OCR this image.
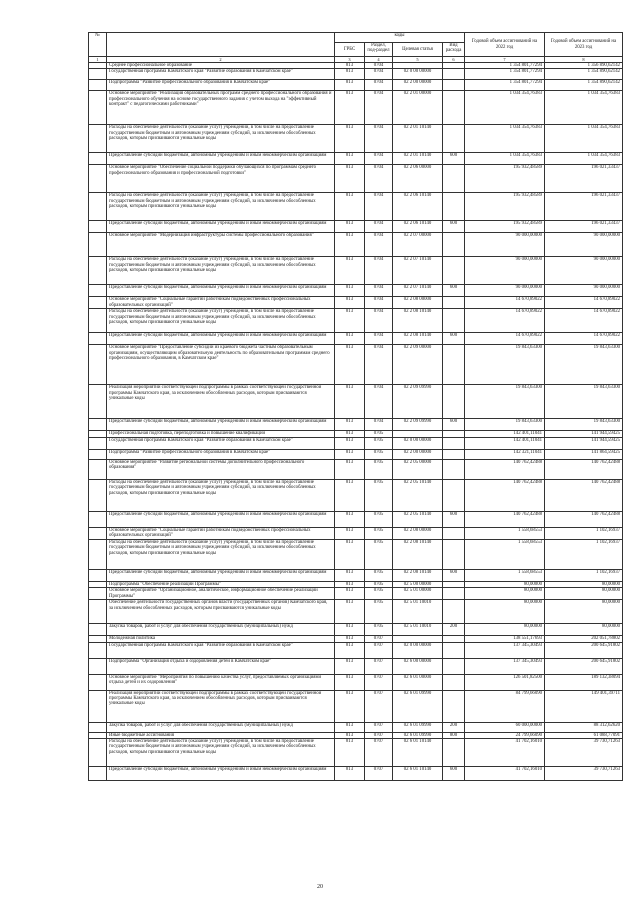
№		коды				Годовой объем ассигнований на 2022 год	Годовой объем ассигнований на 2023 год
		ГРБС	Раздел, под-раздел	Целевая статья	Вид расхода		
1	2	3	4	5	6	7	8
	Среднее профессиональное образование	813	0704			1 354 801,77294	1 356 890,62142
	Государственная программа Камчатского края "Развитие образования в Камчатском крае"	813	0704	02 0 00 00000		1 354 801,77294	1 354 890,62142
	Подпрограмма "Развитие профессионального образования в Камчатском крае"	813	0704	02 2 00 00000		1 354 801,77294	1 354 890,62142
	Основное мероприятие "Реализация образовательных программ среднего профессионального образования и профессионального обучения на основе государственного задания с учетом выхода на "эффективный контракт" с педагогическими работниками"	813	0704	02 2 01 00000		1 034 354,76383	1 034 354,76383
	Расходы на обеспечение деятельности (оказание услуг) учреждений, в том числе на предоставление государственным бюджетным и автономным учреждениям субсидий, за исключением обособленных расходов, которым присваиваются уникальные коды	813	0704	02 2 01 10140		1 034 354,76383	1 034 354,76383
	Предоставление субсидий бюджетным, автономным учреждениям и иным некоммерческим организациям	813	0704	02 2 01 10140	600	1 034 354,76383	1 034 354,76383
	Основное мероприятие "Обеспечение социальной поддержки обучающихся по программам среднего профессионального образования и профессиональной подготовки"	813	0704	02 2 06 00000		195 932,48589	196 021,33437
	Расходы на обеспечение деятельности (оказание услуг) учреждений, в том числе на предоставление государственным бюджетным и автономным учреждениям субсидий, за исключением обособленных расходов, которым присваиваются уникальные коды	813	0704	02 2 06 10140		195 932,48589	196 021,33437
	Предоставление субсидий бюджетным, автономным учреждениям и иным некоммерческим организациям	813	0704	02 2 06 10140	600	195 932,48589	196 021,33437
	Основное мероприятие "Модернизация инфраструктуры системы профессионального образования"	813	0704	02 2 07 00000		90 000,00000	90 000,00000
	Расходы на обеспечение деятельности (оказание услуг) учреждений, в том числе на предоставление государственным бюджетным и автономным учреждениям субсидий, за исключением обособленных расходов, которым присваиваются уникальные коды	813	0704	02 2 07 10140		90 000,00000	90 000,00000
	Предоставление субсидий бюджетным, автономным учреждениям и иным некоммерческим организациям	813	0704	02 2 07 10140	600	90 000,00000	90 000,00000
	Основное мероприятие "Социальные гарантии работникам подведомственных профессиональных образовательных организаций"	813	0704	02 2 08 00000		14 670,89022	14 670,89022
	Расходы на обеспечение деятельности (оказание услуг) учреждений, в том числе на предоставление государственным бюджетным и автономным учреждениям субсидий, за исключением обособленных расходов, которым присваиваются уникальные коды	813	0704	02 2 08 10140		14 670,89022	14 670,89022
	Предоставление субсидий бюджетным, автономным учреждениям и иным некоммерческим организациям	813	0704	02 2 08 10140	600	14 670,89022	14 670,89022
	Основное мероприятие "Предоставление субсидий из краевого бюджета частным образовательным организациям, осуществляющим образовательную деятельность по образовательным программам среднего профессионального образования, в Камчатском крае"	813	0704	02 2 09 00000		19 843,63300	19 843,63300
	Реализация мероприятий соответствующей подпрограммы в рамках соответствующей государственной программы Камчатского края, за исключением обособленных расходов, которым присваиваются уникальные коды	813	0704	02 2 09 09990		19 843,63300	19 843,63300
	Предоставление субсидий бюджетным, автономным учреждениям и иным некоммерческим организациям	813	0704	02 2 09 09990	600	19 843,63300	19 843,63300
	Профессиональная подготовка, переподготовка и повышение квалификации	813	0705			142 401,11041	141 944,59425
	Государственная программа Камчатского края "Развитие образования в Камчатском крае"	813	0705	02 0 00 00000		142 401,11041	141 944,59425
	Подпрограмма "Развитие профессионального образования в Камчатском крае"	813	0705	02 2 00 00000		142 321,11041	141 864,59425
	Основное мероприятие "Развитие региональной системы дополнительного профессионального образования"	813	0705	02 2 05 00000		140 762,42488	140 762,42488
	Расходы на обеспечение деятельности (оказание услуг) учреждений, в том числе на предоставление государственным бюджетным и автономным учреждениям субсидий, за исключением обособленных расходов, которым присваиваются уникальные коды	813	0705	02 2 05 10140		140 762,42488	140 762,42488
	Предоставление субсидий бюджетным, автономным учреждениям и иным некоммерческим организациям	813	0705	02 2 05 10140	600	140 762,42488	140 762,42488
	Основное мероприятие "Социальные гарантии работникам подведомственных профессиональных образовательных организаций"	813	0705	02 2 08 00000		1 558,68553	1 102,16937
	Расходы на обеспечение деятельности (оказание услуг) учреждений, в том числе на предоставление государственным бюджетным и автономным учреждениям субсидий, за исключением обособленных расходов, которым присваиваются уникальные коды	813	0705	02 2 08 10140		1 558,68553	1 102,16937
	Предоставление субсидий бюджетным, автономным учреждениям и иным некоммерческим организациям	813	0705	02 2 08 10140	600	1 558,68553	1 102,16937
	Подпрограмма "Обеспечение реализации Программы"	813	0705	02 5 00 00000		80,00000	80,00000
	Основное мероприятие "Организационное, аналитическое, информационное обеспечение реализации Программы"	813	0705	02 5 01 00000		80,00000	80,00000
	Обеспечение деятельности государственных органов власти (государственных органов) Камчатского края, за исключением обособленных расходов, которым присваиваются уникальные коды	813	0705	02 5 01 10010		80,00000	80,00000
	Закупка товаров, работ и услуг для обеспечения государственных (муниципальных) нужд	813	0705	02 5 01 10010	200	80,00000	80,00000
	Молодежная политика	813	0707			138 551,17693	202 051,78802
	Государственная программа Камчатского края "Развитие образования в Камчатском крае"	813	0707	02 0 00 00000		137 345,30493	200 645,91802
	Подпрограмма "Организация отдыха и оздоровления детей в Камчатском крае"	813	0707	02 6 00 00000		137 345,30493	200 645,91802
	Основное мероприятие "Мероприятия по повышению качества услуг, предоставляемых организациями отдыха детей и их оздоровления"	813	0707	02 6 01 00000		126 501,82500	189 132,38094
	Реализация мероприятий соответствующей подпрограммы в рамках соответствующей государственной программы Камчатского края, за исключением обособленных расходов, которым присваиваются уникальные коды	813	0707	02 6 01 09990		84 799,66090	149 401,39711
	Закупка товаров, работ и услуг для обеспечения государственных (муниципальных) нужд	813	0707	02 6 01 09990	200	60 000,00000	88 312,62620
	Иные бюджетные ассигнования	813	0707	02 6 01 09990	800	24 799,66090	61 088,77091
	Расходы на обеспечение деятельности (оказание услуг) учреждений, в том числе на предоставление государственным бюджетным и автономным учреждениям субсидий, за исключением обособленных расходов, которым присваиваются уникальные коды	813	0707	02 6 01 10140		41 702,16010	39 730,71263
	Предоставление субсидий бюджетным, автономным учреждениям и иным некоммерческим организациям	813	0707	02 6 01 10140	600	41 702,16010	39 730,71263
20
